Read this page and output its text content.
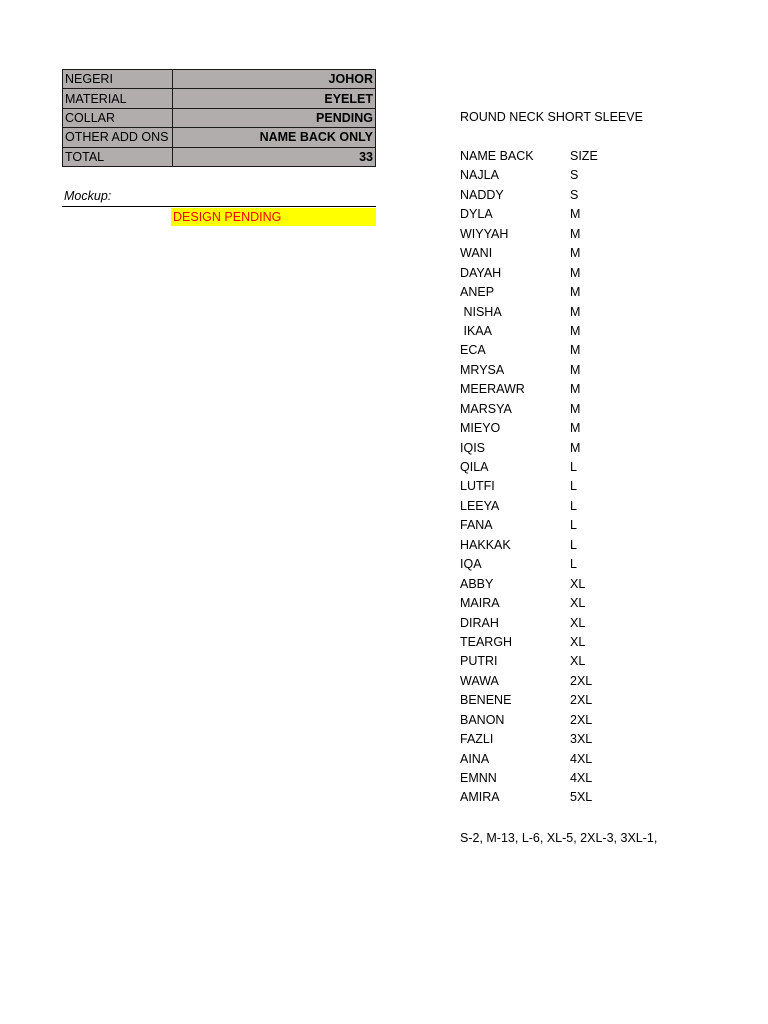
NEGERI	JOHOR
MATERIAL	EYELET
COLLAR	PENDING
OTHER ADD ONS	NAME BACK ONLY
TOTAL	33
Mockup:
DESIGN PENDING
ROUND NECK SHORT SLEEVE
NAME BACK	SIZE
NAJLA	S
NADDY	S
DYLA	M
WIYYAH	M
WANI	M
DAYAH	M
ANEP	M
NISHA	M
IKAA	M
ECA	M
MRYSA	M
MEERAWR	M
MARSYA	M
MIEYO	M
IQIS	M
QILA	L
LUTFI	L
LEEYA	L
FANA	L
HAKKAK	L
IQA	L
ABBY	XL
MAIRA	XL
DIRAH	XL
TEARGH	XL
PUTRI	XL
WAWA	2XL
BENENE	2XL
BANON	2XL
FAZLI	3XL
AINA	4XL
EMNN	4XL
AMIRA	5XL
S-2, M-13, L-6, XL-5, 2XL-3, 3XL-1,
